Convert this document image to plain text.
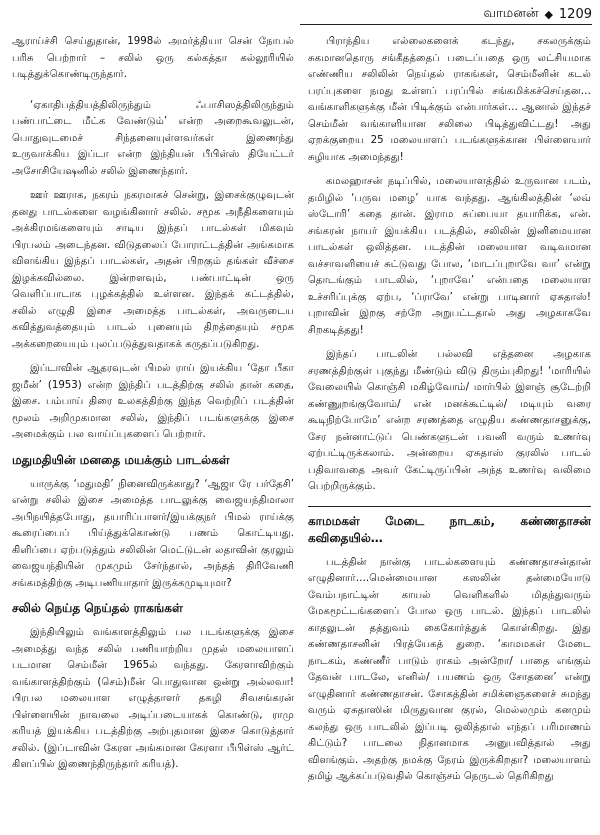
வாமனன் ◆ 1209

ஆராய்ச்சி செய்துதான், 1998ல் அமர்த்தியா சென் நோபல் பரிசு பெற்றார் – சலில் ஒரு கல்கத்தா கல்லூரியில் படித்துக்கொண்டிருந்தார்.

‘ஏகாதிபத்தியத்திலிருந்தும் ஃபாசிஸத்திலிருந்தும் பண்பாட்டை மீட்க வேண்டும்’ என்ற அறைகூவலுடன், பொதுவுடமைச் சிந்தனையுள்ளவர்கள் இணைந்து உருவாக்கிய இப்டா என்ற இந்தியன் பீபிள்ஸ் தியேட்டர் அசோசியேஷனில் சலில் இணைந்தார்.

ஊர் ஊராக, நகரம் நகரமாகச் சென்று, இசைக்குழுவுடன் தனது பாடல்களை வழங்கினார் சலில். சமூக அநீதிகளையும் அக்கிரமங்களையும் சாடிய இந்தப் பாடல்கள் மிகவும் பிரபலம் அடைந்தன. விடுதலைப் போராட்டத்தின் அங்கமாக விளங்கிய இந்தப் பாடல்கள், அதன் பிறகும் தங்கள் வீச்சை இழக்கவில்லை. இன்றளவும், பண்பாட்டின் ஒரு வெளிப்பாடாக புழக்கத்தில் உள்ளன. இந்தக் கட்டத்தில், சலில் எழுதி இசை அமைத்த பாடல்கள், அவருடைய கவித்துவத்தையும் பாடல் புனையும் திறத்தையும் சமூக அக்கறையையும் புலப்படுத்துவதாகக் கருதப்படுகிறது.

இப்டாவின் ஆதரவுடன் பிமல் ராய் இயக்கிய ‘தோ பீகா ஜமீன்’ (1953) என்ற இந்திப் படத்திற்கு சலில் தான் கதை, இசை. பம்பாய் திரை உலகத்திற்கு இந்த வெற்றிப் படத்தின் மூலம் அறிமுகமான சலில், இந்திப் படங்களுக்கு இசை அமைக்கும் பல வாய்ப்புகளைப் பெற்றார்.

மதுமதியின் மனதை மயக்கும் பாடல்கள்

யாருக்கு ‘மதுமதி’ நினைவிருக்காது? ‘ஆஜா ரே பர்தேசி’ என்று சலில் இசை அமைத்த பாடலுக்கு வைஜயந்திமாலா அபிநயித்தபோது, தயாரிப்பாளர்/இயக்குநர் பிமல் ராய்க்கு கூரைப்பைப் பிய்த்துக்கொண்டு பணம் கொட்டியது. கிளிப்பை ஏற்படுத்தும் சலிலின் மெட்டுடன் லதாவின் குரலும் வைஜயந்தியின் முகமும் சேர்ந்தால், அந்தத் திரிவேணி சங்கமத்திற்கு அடிபணியாதார் இருக்கமுடியுமா?

சலில் நெய்த நெய்தல் ராகங்கள்

இந்தியிலும் வங்காளத்திலும் பல படங்களுக்கு இசை அமைத்து வந்த சலில் பணியாற்றிய முதல் மலையாளப் படமான செம்மீன் 1965ல் வந்தது. கேரளாவிற்கும் வங்காளத்திற்கும் (செம்)மீன் பொதுவான ஒன்று அல்லவா! பிரபல மலையாள எழுத்தாளர் தகழி சிவசங்கரன் பிள்ளையின் நாவலை அடிப்படையாகக் கொண்டு, ராமு கரியத் இயக்கிய படத்திற்கு அற்புதமான இசை கொடுத்தார் சலில். (இப்டாவின் கேரள அங்கமான கேரளா பீபிள்ஸ் ஆர்ட் கிளப்பில் இணைந்திருந்தார் கரியத்).

பிராந்திய எல்லைகளைக் கடந்து, சகலருக்கும் சுகமானதொரு சங்கீதத்தைப் படைப்பதை ஒரு லட்சியமாக எண்ணிய சலிலின் நெய்தல் ராகங்கள், செம்மீனின் கடல் பரப்புகளை நமது உள்ளப் பரப்பில் சங்கமிக்கச்செய்தன…வங்காளிகளுக்கு மீன் பிடிக்கும் என்பார்கள்… ஆனால் இந்தச் செம்மீன் வங்காளியான சலிலை பிடித்துவிட்டது! அது ஏறக்குறைய 25 மலையாளப் படங்களுக்கான பிள்ளையார் சுழியாக அமைந்தது!

கமலஹாசன் நடிப்பில், மலையாளத்தில் உருவான படம், தமிழில் ‘பருவ மழை’ யாக வந்தது. ஆங்கிலத்தின் ‘லவ் ஸ்டோரி’ கதை தான். இராம சுப்பையா தயாரிக்க, என். சங்கரன் நாயர் இயக்கிய படத்தில், சலிலின் இனிமையான பாடல்கள் ஒலித்தன. படத்தின் மலையாள வடிவமான வச்சாவளியைச் சுட்டுவது போல, ‘மாடப்புறாவே வா’ என்று தொடங்கும் பாடலில், ‘புறாவே’ என்பதை மலையாள உச்சரிப்புக்கு ஏற்ப, ‘ப்ராவே’ என்று பாடினார் ஏசுதாஸ்! புறாவின் இறகு சற்றே அறுபட்டதால் அது அழகாகவே சிறகடித்தது!

இந்தப் பாடலின் பல்லவி எத்தனை அழகாக சரணத்திற்குள் புகுந்து மீண்டும் விடு திரும்புகிறது! ‘மாரியில் வேலையில் கொஞ்சி மகிழ்வோம்/ மார்பில் இளஞ் சூடேற்றி கண்ணுறங்குவோம்/ என் மனக்கூட்டில்/ மடியும் வரை கூடிநிற்போமே’ என்ற சரணத்தை எழுதிய கண்ணதாசனுக்கு, சேர நன்னாட்டுப் பெண்களுடன் பவனி வரும் உணர்வு ஏற்பட்டிருக்கலாம். அன்றைய ஏசுதாஸ் குரலில் பாடல் பதிவாவதை அவர் கேட்டிருப்பின் அந்த உணர்வு வலிமை பெற்றிருக்கும்.

காமமகள் மேடை நாடகம், கண்ணதாசன் கவிதையில்…

படத்தின் நான்கு பாடல்களையும் கண்ணதாசன்தான் எழுதினார்….மென்மையான கஸலின் தன்மையோடு வேம்பநாட்டின் காயல் வெளிகளில் மிதந்துவரும் மேகமூட்டங்களைப் போல ஒரு பாடல். இந்தப் பாடலில் காதலுடன் தத்துவம் கைகோர்த்துக் கொள்கிறது. இது கண்ணதாசனின் பிரத்யேகத் துறை. ‘காமமகள் மேடை நாடகம், கண்ணீர் பாடும் ராகம் அன்றோ/ பாதை எங்கும் தேவன் பாடலே, எனில்/ பயணம் ஒரு சோதனை’ என்று எழுதினார் கண்ணதாசன். சோகத்தின் சமிக்ஞைகளைச் சுமந்து வரும் ஏசுதாஸின் மிருதுவான குரல், மெல்லமும் கனமும் கலந்து ஒரு பாடலில் இப்படி ஒலித்தால் எந்தப் பரிமாணம் கிட்டும்? பாடலை நிதானமாக அனுபவித்தால் அது விளங்கும். அதற்கு நமக்கு நேரம் இருக்கிறதா? மலையாளம் தமிழ் ஆக்கப்படுவதில் கொஞ்சம் நெருடல் தெரிகிறது
